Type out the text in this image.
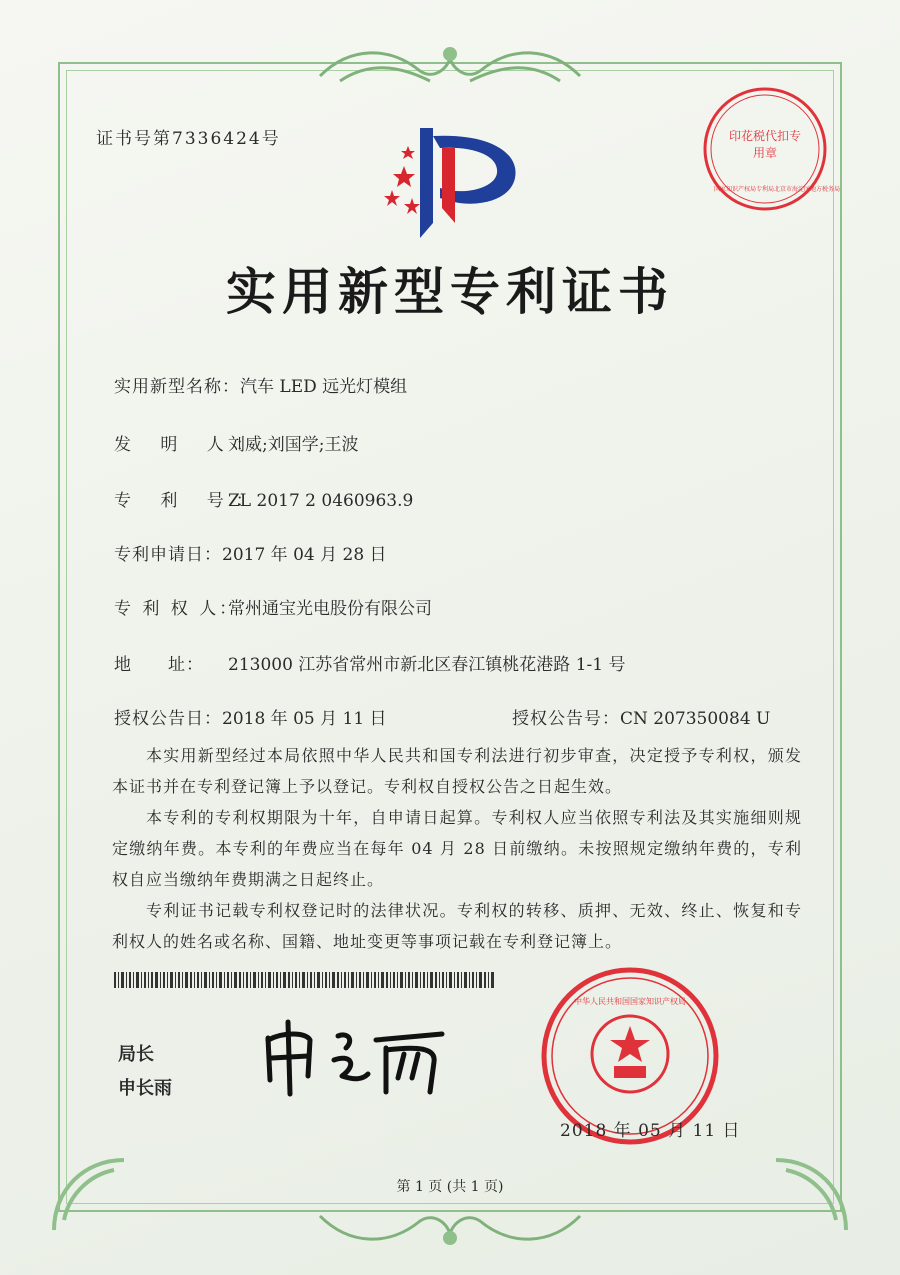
证书号第7336424号	印花税代扣专用章
国家知识产权局专利局北京市海淀区地方税务局
实用新型专利证书
实用新型名称：汽车 LED 远光灯模组
发 明 人：刘威;刘国学;王波
专 利 号：ZL 2017 2 0460963.9
专利申请日：2017 年 04 月 28 日
专 利 权 人：常州通宝光电股份有限公司
地　　址： 213000 江苏省常州市新北区春江镇桃花港路 1-1 号
授权公告日：2018 年 05 月 11 日	授权公告号：CN 207350084 U
本实用新型经过本局依照中华人民共和国专利法进行初步审查，决定授予专利权，颁发本证书并在专利登记簿上予以登记。专利权自授权公告之日起生效。
本专利的专利权期限为十年，自申请日起算。专利权人应当依照专利法及其实施细则规定缴纳年费。本专利的年费应当在每年 04 月 28 日前缴纳。未按照规定缴纳年费的，专利权自应当缴纳年费期满之日起终止。
专利证书记载专利权登记时的法律状况。专利权的转移、质押、无效、终止、恢复和专利权人的姓名或名称、国籍、地址变更等事项记载在专利登记簿上。
局长
申长雨
中华人民共和国国家知识产权局
2018 年 05 月 11 日
第 1 页 (共 1 页)
